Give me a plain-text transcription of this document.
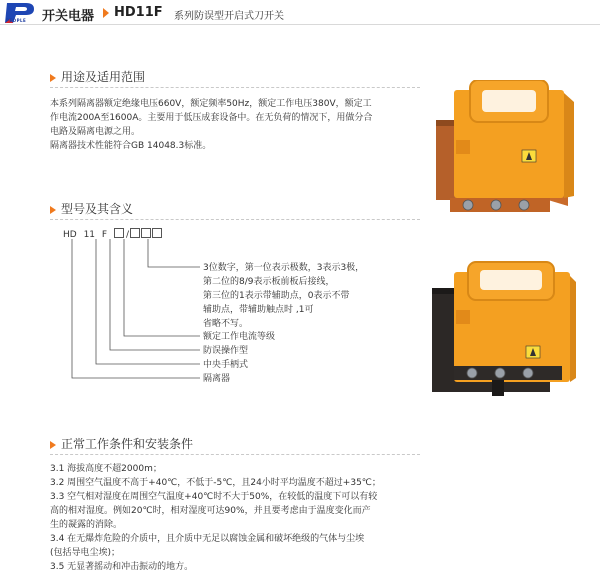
PEOPLE 开关电器 HD11F 系列防误型开启式刀开关
用途及适用范围
本系列隔离器额定绝缘电压660V，额定频率50Hz，额定工作电压380V，额定工
作电流200A至1600A。主要用于低压成套设备中。在无负荷的情况下，用做分合
电路及隔离电源之用。
隔离器技术性能符合GB 14048.3标准。
型号及其含义
HD 11 F /
3位数字，第一位表示极数，3表示3极，
第二位的8/9表示板前板后接线，
第三位的1表示带辅助点，0表示不带
辅助点，带辅助触点时 ,1可
省略不写。
额定工作电流等级
防误操作型
中央手柄式
隔离器
正常工作条件和安装条件
3.1 海拔高度不超2000m；
3.2 周围空气温度不高于+40℃，不低于-5℃，且24小时平均温度不超过+35℃；
3.3 空气相对湿度在周围空气温度+40℃时不大于50%，在较低的温度下可以有较
高的相对湿度。例如20℃时，相对湿度可达90%，并且要考虑由于温度变化而产
生的凝露的消除。
3.4 在无爆炸危险的介质中，且介质中无足以腐蚀金属和破坏绝级的气体与尘埃
(包括导电尘埃)；
3.5 无显著摇动和冲击振动的地方。
